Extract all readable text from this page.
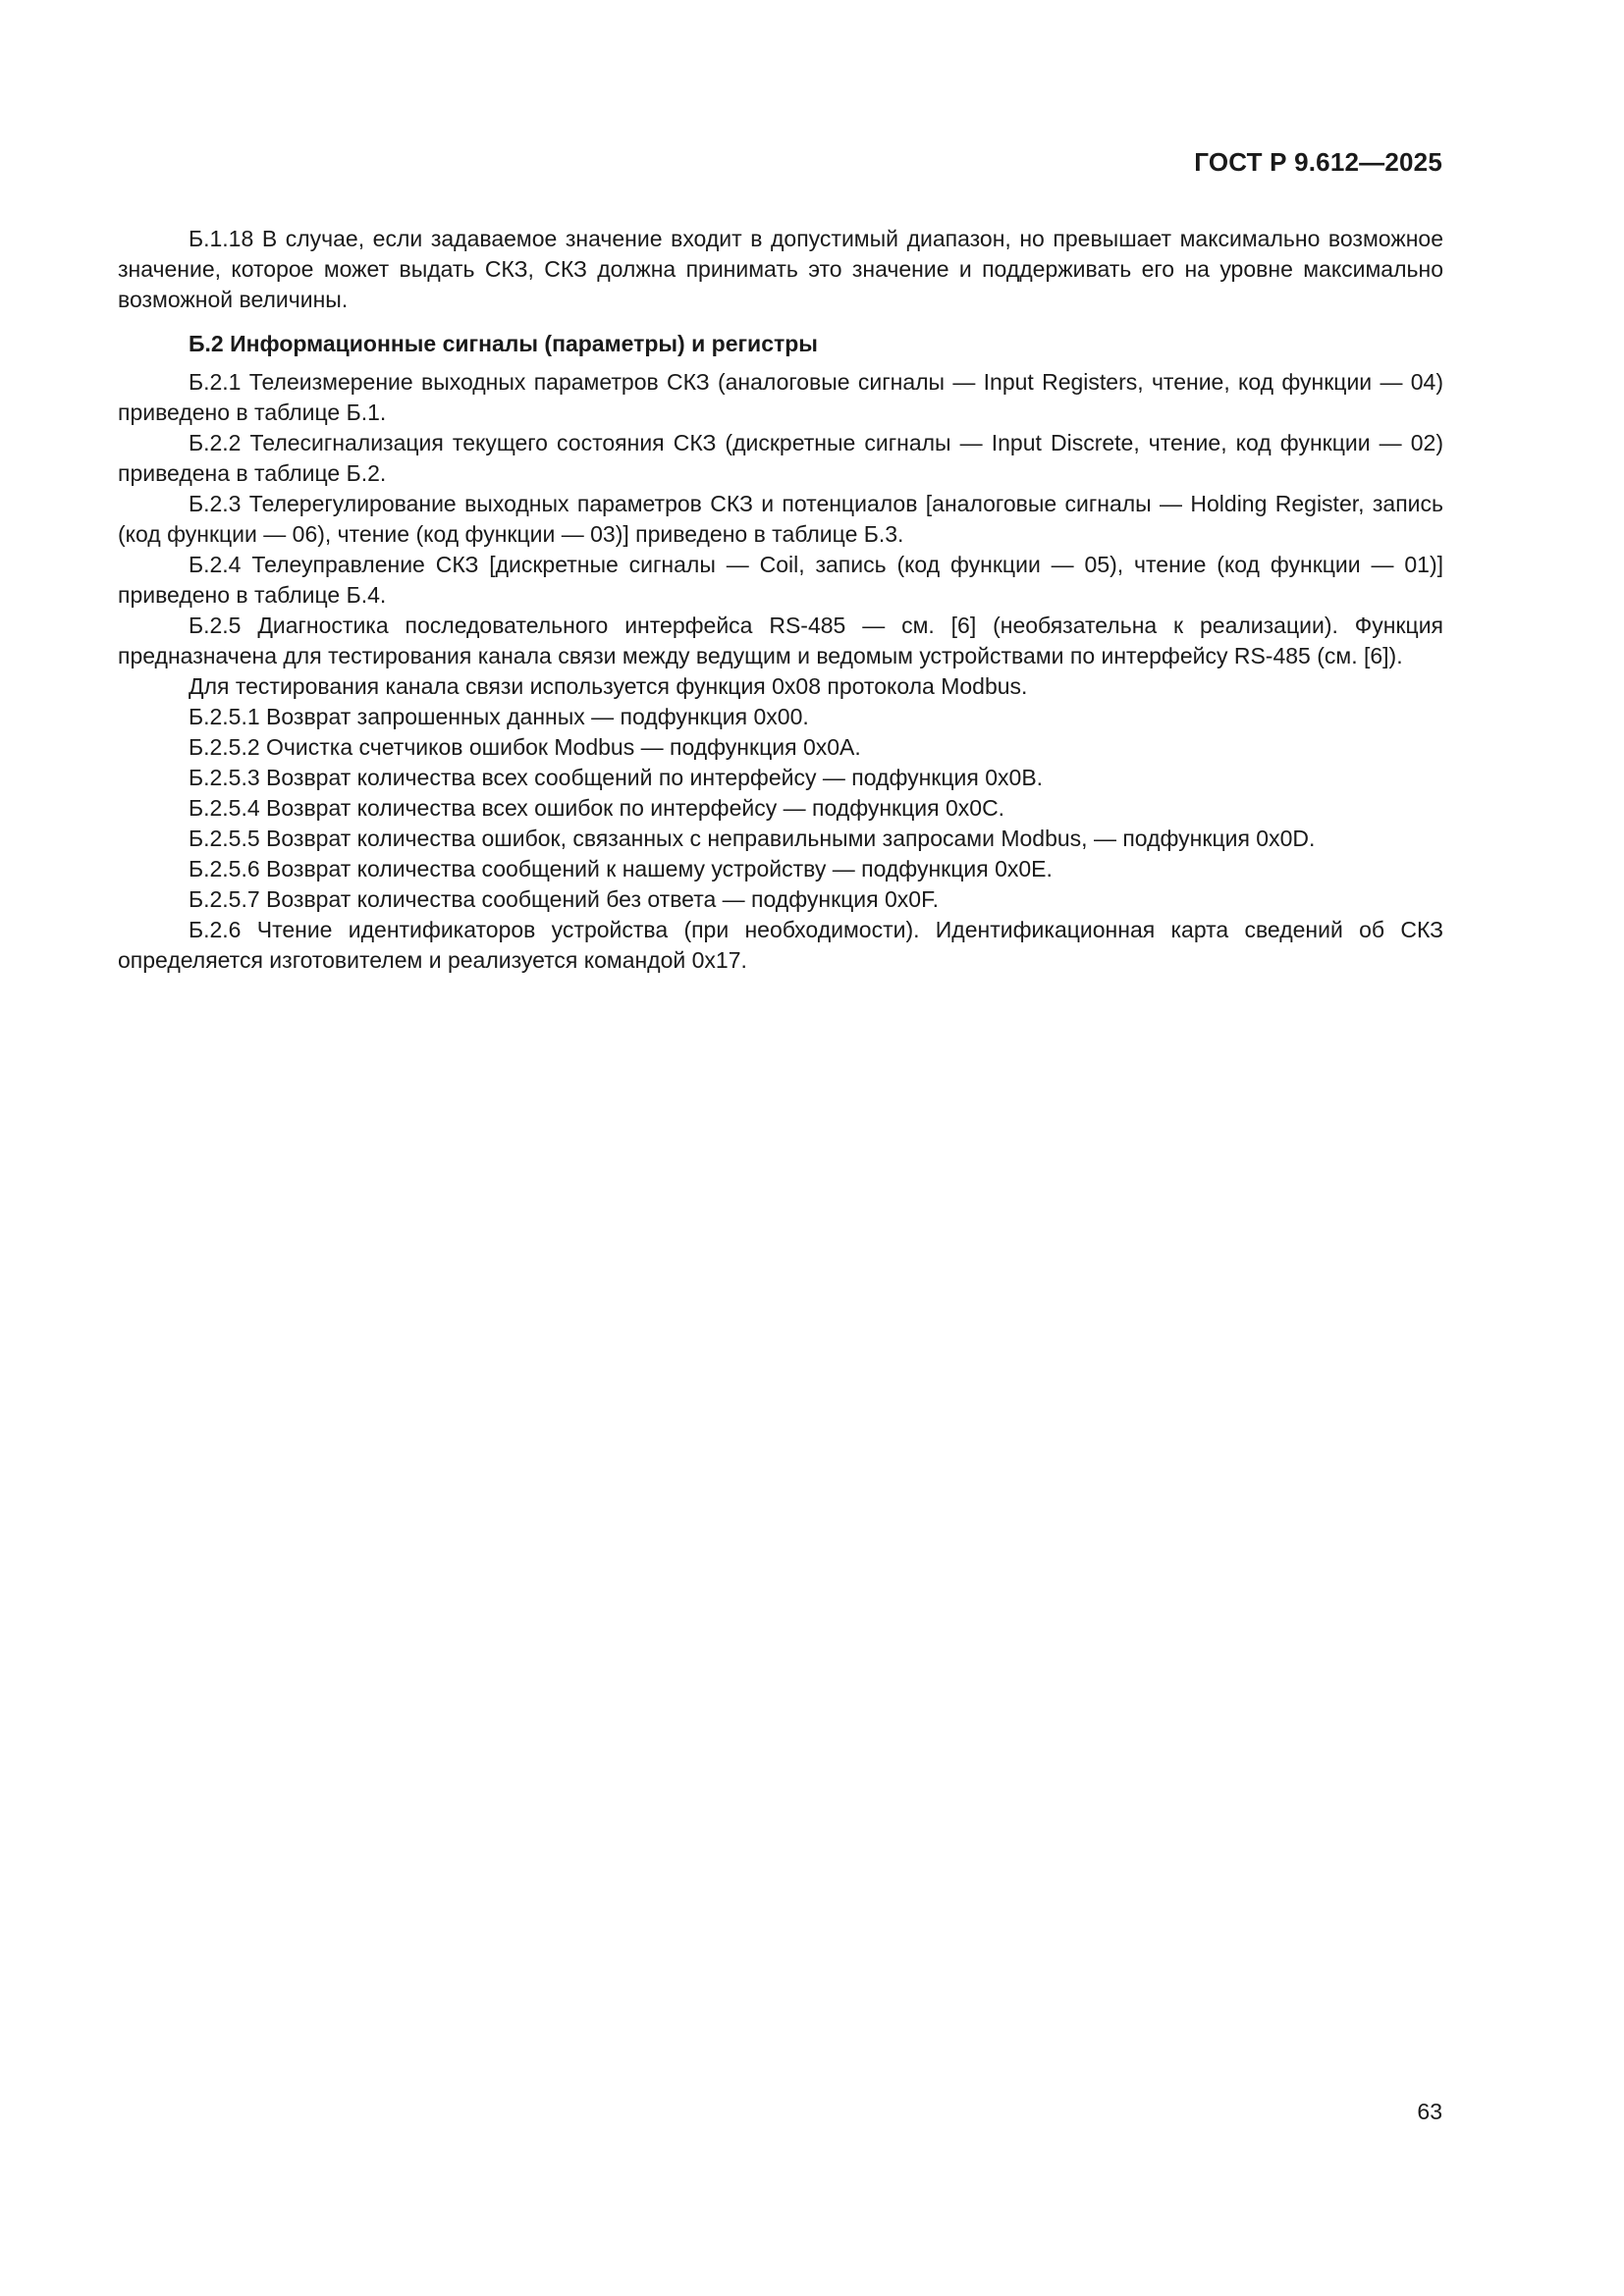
ГОСТ Р 9.612—2025

Б.1.18 В случае, если задаваемое значение входит в допустимый диапазон, но превышает максимально возможное значение, которое может выдать СКЗ, СКЗ должна принимать это значение и поддерживать его на уровне максимально возможной величины.

Б.2 Информационные сигналы (параметры) и регистры

Б.2.1 Телеизмерение выходных параметров СКЗ (аналоговые сигналы — Input Registers, чтение, код функции — 04) приведено в таблице Б.1.

Б.2.2 Телесигнализация текущего состояния СКЗ (дискретные сигналы — Input Discrete, чтение, код функции — 02) приведена в таблице Б.2.

Б.2.3 Телерегулирование выходных параметров СКЗ и потенциалов [аналоговые сигналы — Holding Register, запись (код функции — 06), чтение (код функции — 03)] приведено в таблице Б.3.

Б.2.4 Телеуправление СКЗ [дискретные сигналы — Coil, запись (код функции — 05), чтение (код функции — 01)] приведено в таблице Б.4.

Б.2.5 Диагностика последовательного интерфейса RS-485 — см. [6] (необязательна к реализации). Функция предназначена для тестирования канала связи между ведущим и ведомым устройствами по интерфейсу RS-485 (см. [6]).

Для тестирования канала связи используется функция 0x08 протокола Modbus.

Б.2.5.1 Возврат запрошенных данных — подфункция 0x00.

Б.2.5.2 Очистка счетчиков ошибок Modbus — подфункция 0x0A.

Б.2.5.3 Возврат количества всех сообщений по интерфейсу — подфункция 0x0B.

Б.2.5.4 Возврат количества всех ошибок по интерфейсу — подфункция 0x0C.

Б.2.5.5 Возврат количества ошибок, связанных с неправильными запросами Modbus, — подфункция 0x0D.

Б.2.5.6 Возврат количества сообщений к нашему устройству — подфункция 0x0E.

Б.2.5.7 Возврат количества сообщений без ответа — подфункция 0x0F.

Б.2.6 Чтение идентификаторов устройства (при необходимости). Идентификационная карта сведений об СКЗ определяется изготовителем и реализуется командой 0x17.

63
